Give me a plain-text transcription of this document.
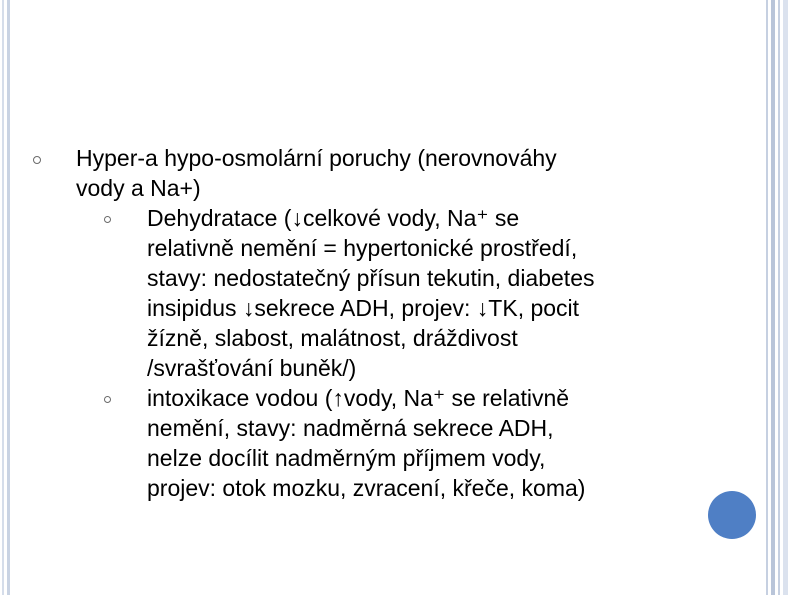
Hyper-a hypo-osmolární poruchy (nerovnováhy
vody a Na+)
Dehydratace (↓celkové vody, Na⁺ se
relativně nemění = hypertonické prostředí,
stavy: nedostatečný přísun tekutin, diabetes
insipidus ↓sekrece ADH, projev: ↓TK, pocit
žízně, slabost, malátnost, dráždivost
/svrašťování buněk/)
intoxikace vodou (↑vody, Na⁺ se relativně
nemění, stavy: nadměrná sekrece ADH,
nelze docílit nadměrným příjmem vody,
projev: otok mozku, zvracení, křeče, koma)
